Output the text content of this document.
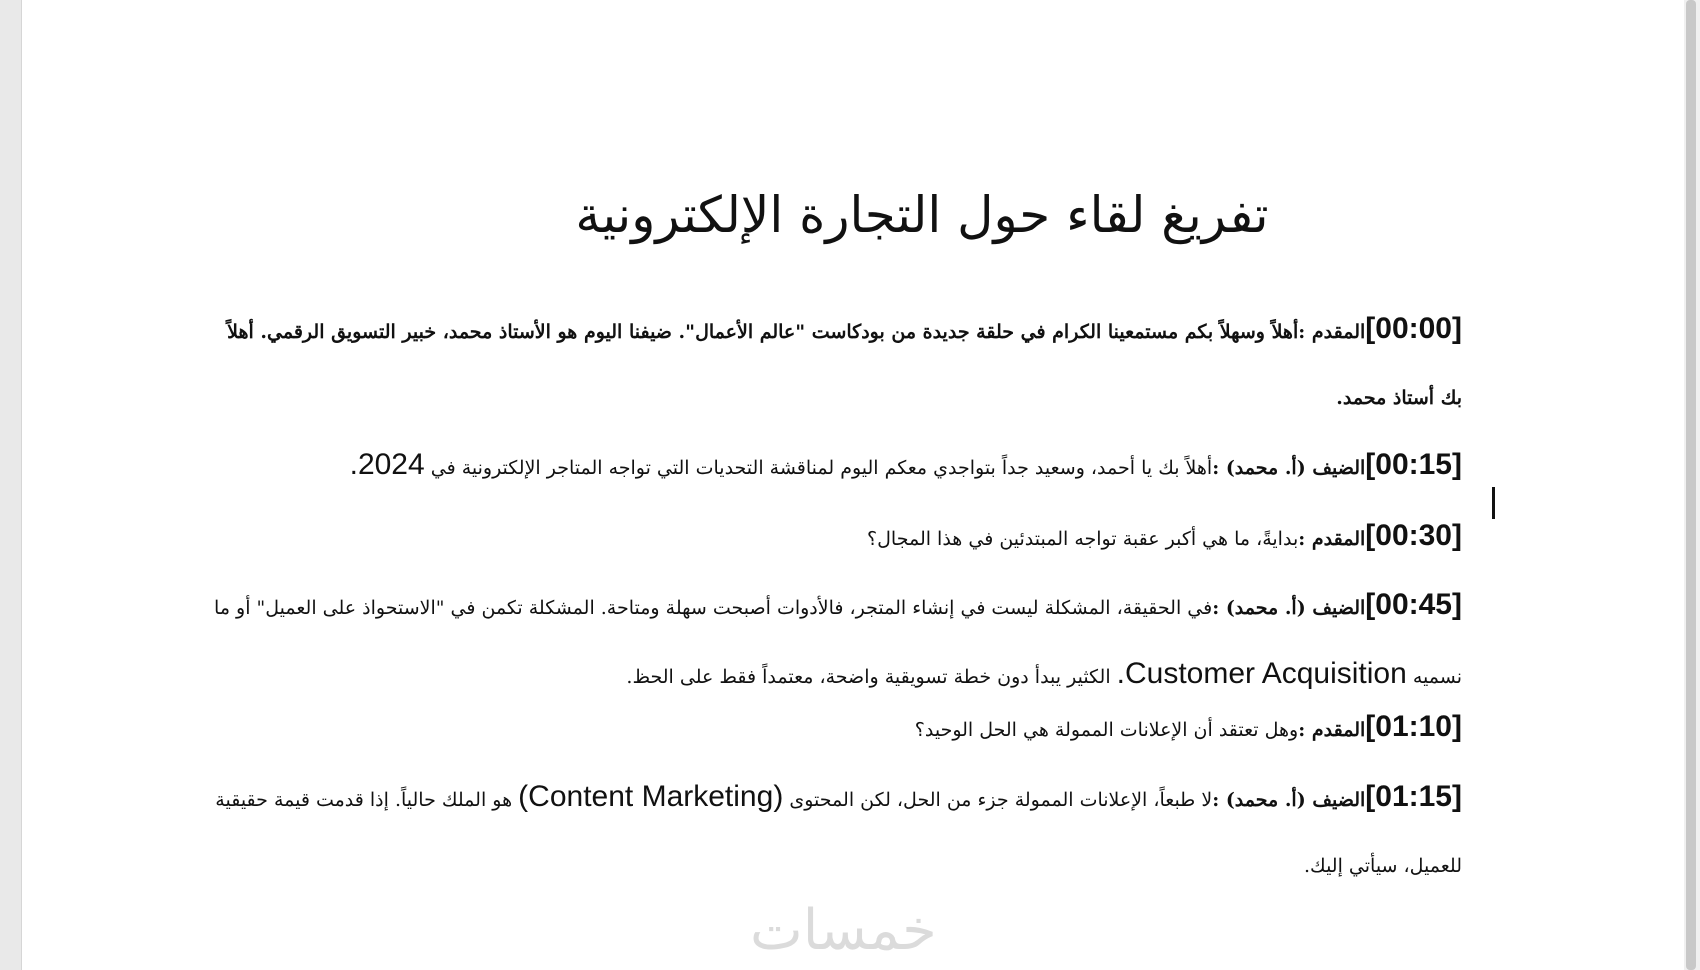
تفريغ لقاء حول التجارة الإلكترونية

[00:00]المقدم :أهلاً وسهلاً بكم مستمعينا الكرام في حلقة جديدة من بودكاست "عالم الأعمال". ضيفنا اليوم هو الأستاذ محمد، خبير التسويق الرقمي. أهلاً بك أستاذ محمد.

[00:15]الضيف (أ. محمد) :أهلاً بك يا أحمد، وسعيد جداً بتواجدي معكم اليوم لمناقشة التحديات التي تواجه المتاجر الإلكترونية في 2024.

[00:30]المقدم :بدايةً، ما هي أكبر عقبة تواجه المبتدئين في هذا المجال؟

[00:45]الضيف (أ. محمد) :في الحقيقة، المشكلة ليست في إنشاء المتجر، فالأدوات أصبحت سهلة ومتاحة. المشكلة تكمن في "الاستحواذ على العميل" أو ما نسميه Customer Acquisition. الكثير يبدأ دون خطة تسويقية واضحة، معتمداً فقط على الحظ.

[01:10]المقدم :وهل تعتقد أن الإعلانات الممولة هي الحل الوحيد؟

[01:15]الضيف (أ. محمد) :لا طبعاً، الإعلانات الممولة جزء من الحل، لكن المحتوى (Content Marketing) هو الملك حالياً. إذا قدمت قيمة حقيقية للعميل، سيأتي إليك.

خمسات
